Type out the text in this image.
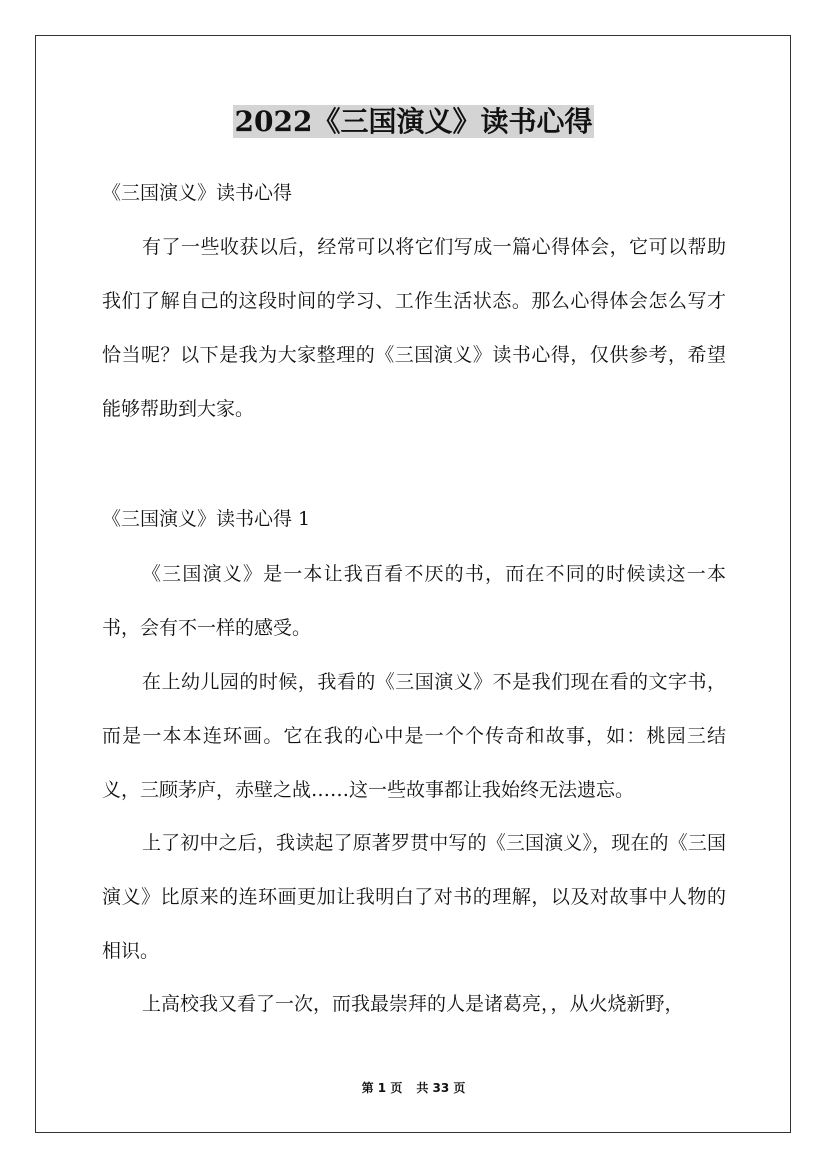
2022《三国演义》读书心得
《三国演义》读书心得
有了一些收获以后，经常可以将它们写成一篇心得体会，它可以帮助我们了解自己的这段时间的学习、工作生活状态。那么心得体会怎么写才恰当呢？以下是我为大家整理的《三国演义》读书心得，仅供参考，希望能够帮助到大家。
《三国演义》读书心得 1
《三国演义》是一本让我百看不厌的书，而在不同的时候读这一本书，会有不一样的感受。
在上幼儿园的时候，我看的《三国演义》不是我们现在看的文字书，而是一本本连环画。它在我的心中是一个个传奇和故事，如：桃园三结义，三顾茅庐，赤壁之战……这一些故事都让我始终无法遗忘。
上了初中之后，我读起了原著罗贯中写的《三国演义》，现在的《三国演义》比原来的连环画更加让我明白了对书的理解，以及对故事中人物的相识。
上高校我又看了一次，而我最崇拜的人是诸葛亮，，从火烧新野，
第 1 页 共 33 页
